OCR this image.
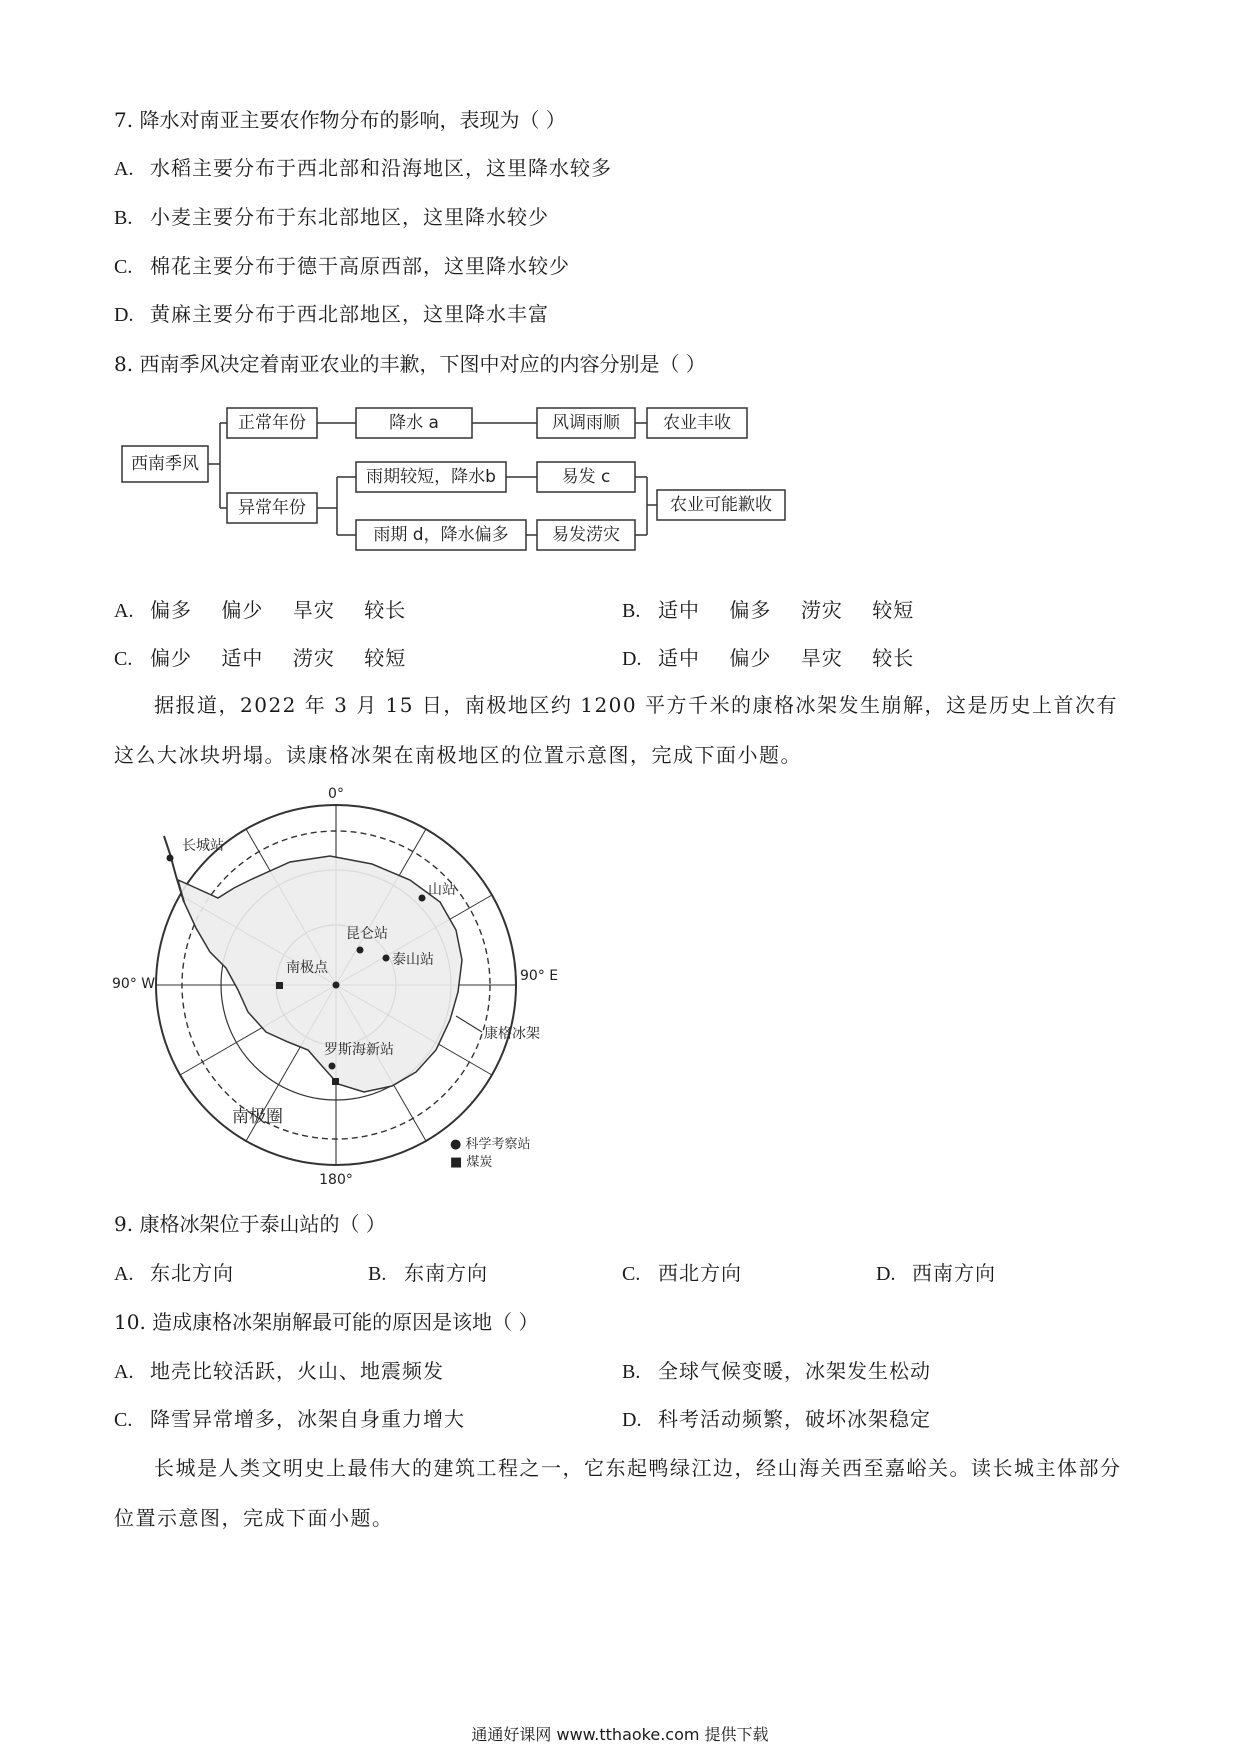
7. 降水对南亚主要农作物分布的影响，表现为（ ）
A. 水稻主要分布于西北部和沿海地区，这里降水较多
B. 小麦主要分布于东北部地区，这里降水较少
C. 棉花主要分布于德干高原西部，这里降水较少
D. 黄麻主要分布于西北部地区，这里降水丰富
8. 西南季风决定着南亚农业的丰歉，下图中对应的内容分别是（ ）
西南季风
正常年份
异常年份
降水 a	风调雨顺	农业丰收
雨期较短，降水b	易发 c
雨期 d，降水偏多	易发涝灾
农业可能歉收
A. 偏多    偏少    旱灾    较长	B. 适中    偏多    涝灾    较短
C. 偏少    适中    涝灾    较短	D. 适中    偏少    旱灾    较长
据报道，2022 年 3 月 15 日，南极地区约 1200 平方千米的康格冰架发生崩解，这是历史上首次有这么大冰块坍塌。读康格冰架在南极地区的位置示意图，完成下面小题。
0°
90° W	90° E
180°
长城站
山站
昆仑站
泰山站
南极点
康格冰架
罗斯海新站
南极圈
● 科学考察站
■ 煤炭
9. 康格冰架位于泰山站的（ ）
A. 东北方向	B. 东南方向	C. 西北方向	D. 西南方向
10. 造成康格冰架崩解最可能的原因是该地（ ）
A. 地壳比较活跃，火山、地震频发	B. 全球气候变暖，冰架发生松动
C. 降雪异常增多，冰架自身重力增大	D. 科考活动频繁，破坏冰架稳定
长城是人类文明史上最伟大的建筑工程之一，它东起鸭绿江边，经山海关西至嘉峪关。读长城主体部分位置示意图，完成下面小题。
通通好课网 www.tthaoke.com 提供下载
